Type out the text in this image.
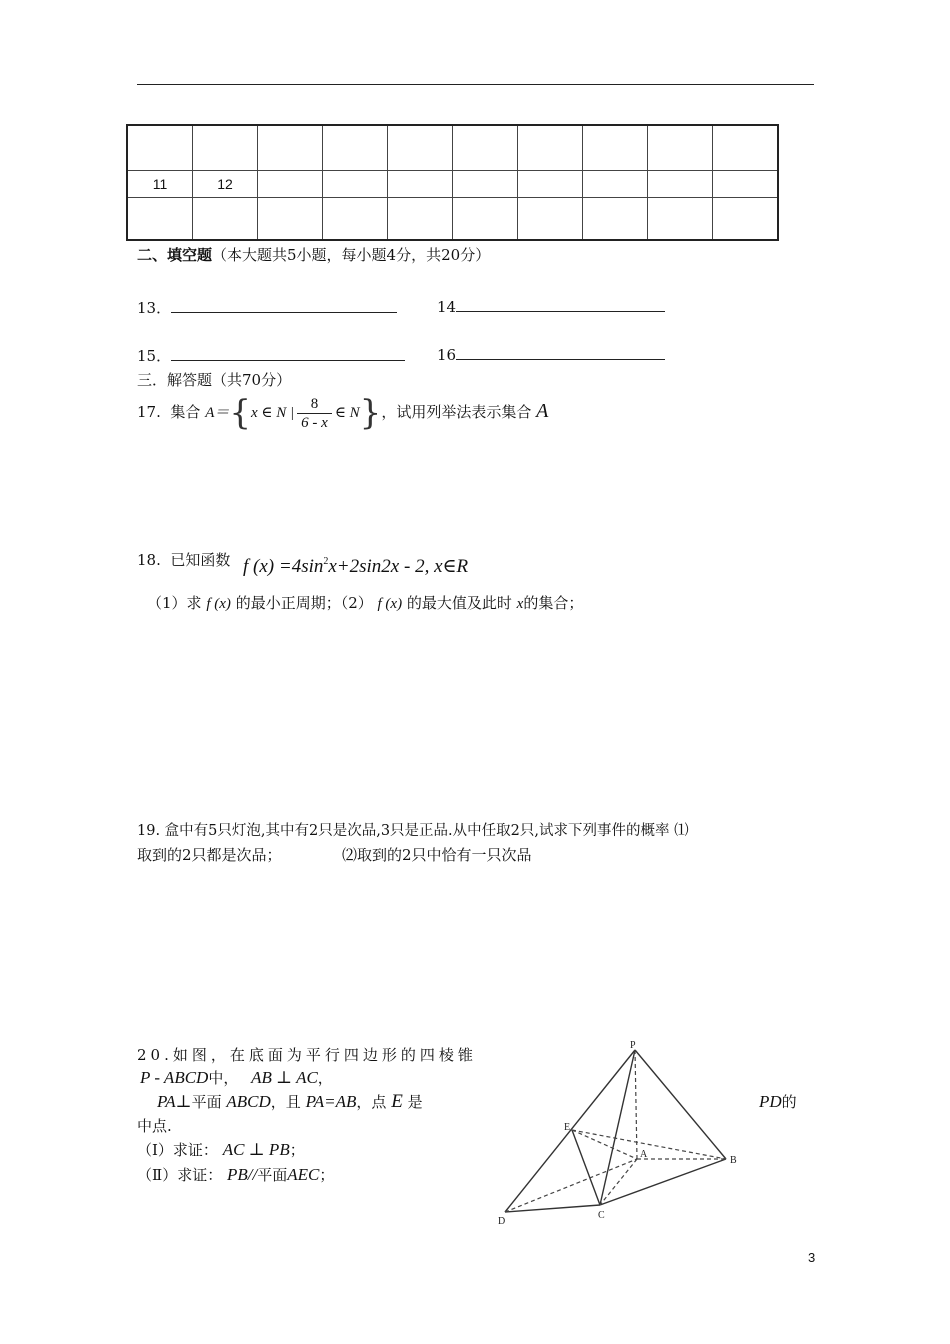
11	12								

二、填空题（本大题共5小题，每小题4分，共20分）
13．	14
15．	16
三．解答题（共70分）
17. 集合 A＝{x ∈ N | $\frac{8}{6 - x}$ ∈ N}，试用列举法表示集合 A
18. 已知函数 f $(x) =4\sin^2x+2\sin 2x - 2$, x∈R
（1）求 f (x) 的最小正周期；（2） f (x) 的最大值及此时 x的集合；
19. 盒中有5只灯泡,其中有2只是次品,3只是正品.从中任取2只,试求下列事件的概率 ⑴
取到的2只都是次品；	⑵取到的2只中恰有一只次品
20.如图，在底面为平行四边形的四棱锥
P - ABCD中， AB ⊥ AC，
PA⊥平面 ABCD，且 PA=AB，点 E 是	PD的
中点.
（Ⅰ）求证： AC ⊥ PB；
（Ⅱ）求证： PB//平面AEC；
P
E
A
B
D
C
3
